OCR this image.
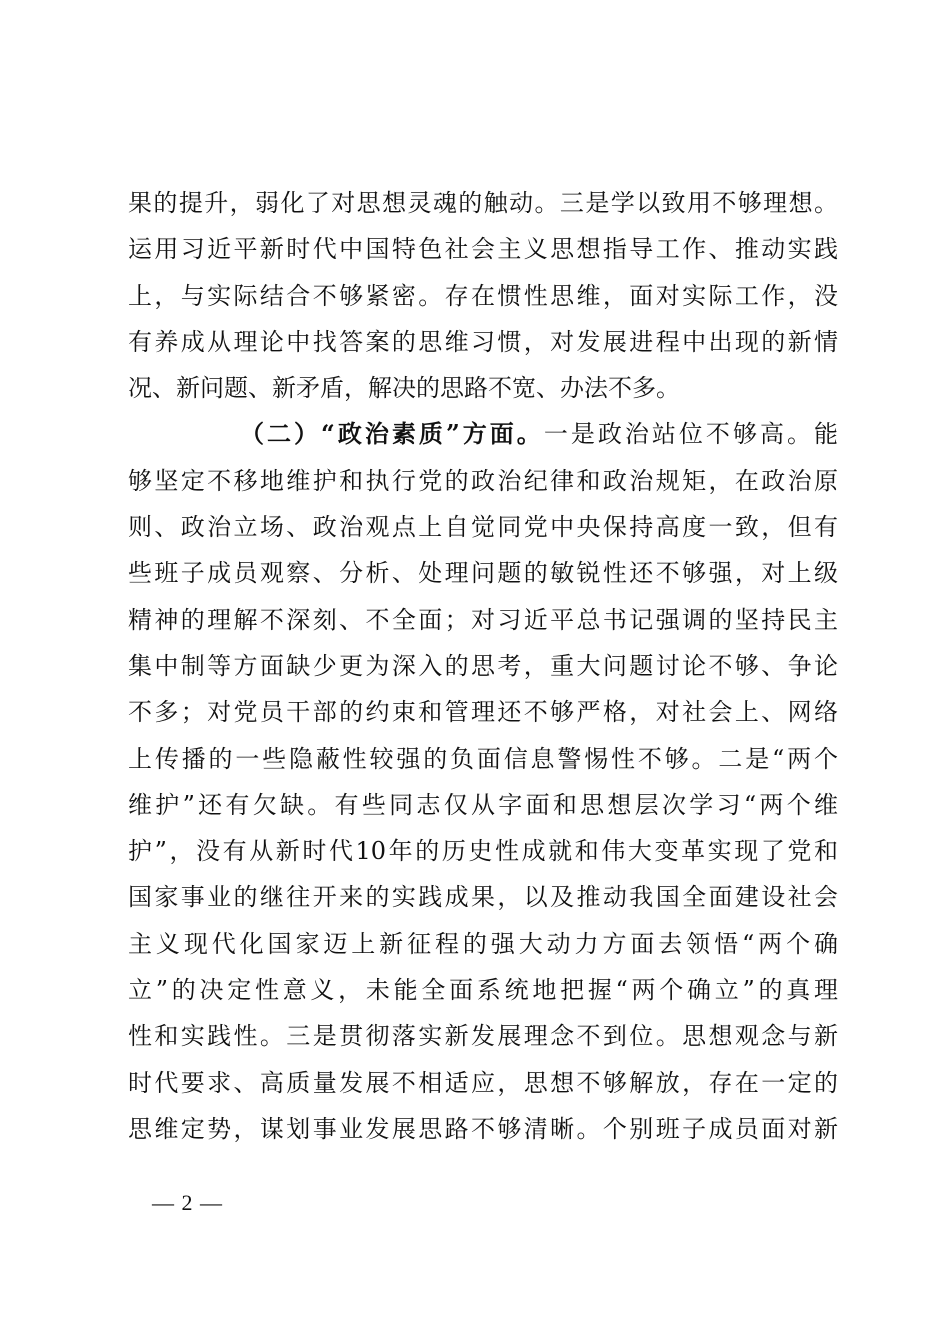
果的提升，弱化了对思想灵魂的触动。三是学以致用不够理想。
运用习近平新时代中国特色社会主义思想指导工作、推动实践
上，与实际结合不够紧密。存在惯性思维，面对实际工作，没
有养成从理论中找答案的思维习惯，对发展进程中出现的新情
况、新问题、新矛盾，解决的思路不宽、办法不多。
（二）“政治素质”方面。一是政治站位不够高。能
够坚定不移地维护和执行党的政治纪律和政治规矩，在政治原
则、政治立场、政治观点上自觉同党中央保持高度一致，但有
些班子成员观察、分析、处理问题的敏锐性还不够强，对上级
精神的理解不深刻、不全面；对习近平总书记强调的坚持民主
集中制等方面缺少更为深入的思考，重大问题讨论不够、争论
不多；对党员干部的约束和管理还不够严格，对社会上、网络
上传播的一些隐蔽性较强的负面信息警惕性不够。二是“两个
维护”还有欠缺。有些同志仅从字面和思想层次学习“两个维
护”，没有从新时代10年的历史性成就和伟大变革实现了党和
国家事业的继往开来的实践成果，以及推动我国全面建设社会
主义现代化国家迈上新征程的强大动力方面去领悟“两个确
立”的决定性意义，未能全面系统地把握“两个确立”的真理
性和实践性。三是贯彻落实新发展理念不到位。思想观念与新
时代要求、高质量发展不相适应，思想不够解放，存在一定的
思维定势，谋划事业发展思路不够清晰。个别班子成员面对新
— 2 —
